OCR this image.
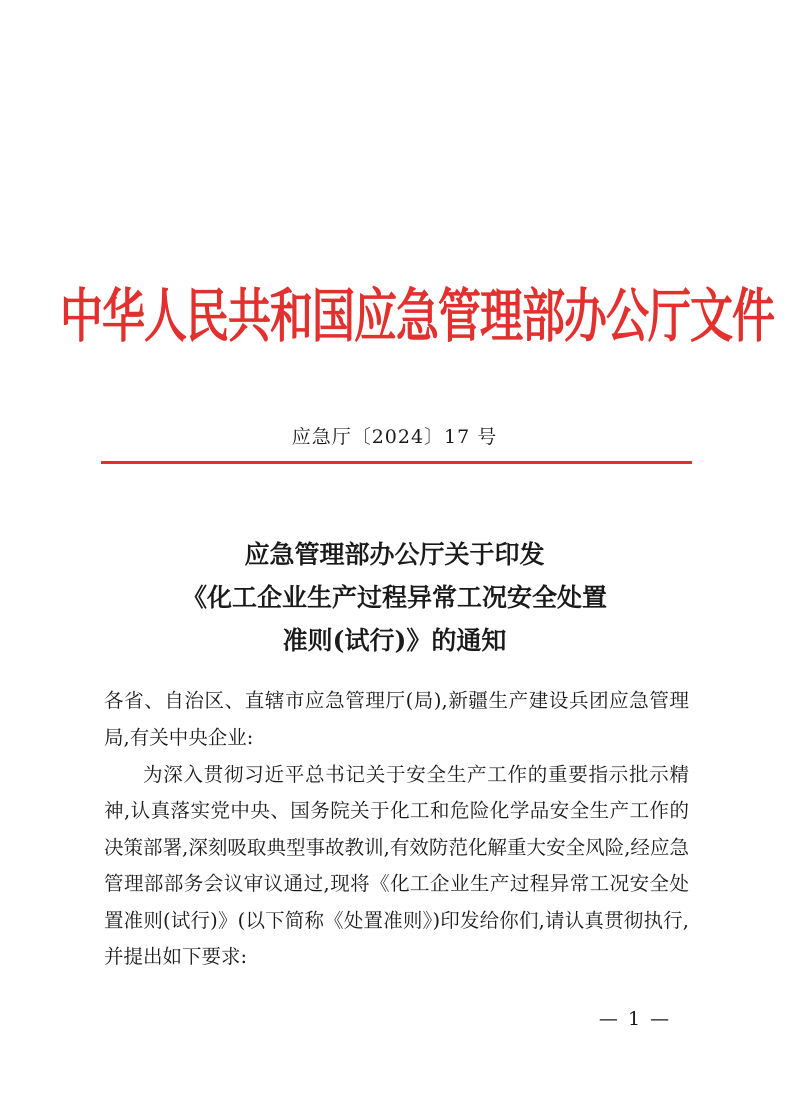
中华人民共和国应急管理部办公厅文件
应急厅〔2024〕17 号
应急管理部办公厅关于印发
《化工企业生产过程异常工况安全处置
准则(试行)》的通知

各省、自治区、直辖市应急管理厅(局),新疆生产建设兵团应急管理局,有关中央企业:

为深入贯彻习近平总书记关于安全生产工作的重要指示批示精神,认真落实党中央、国务院关于化工和危险化学品安全生产工作的决策部署,深刻吸取典型事故教训,有效防范化解重大安全风险,经应急管理部部务会议审议通过,现将《化工企业生产过程异常工况安全处置准则(试行)》(以下简称《处置准则》)印发给你们,请认真贯彻执行,并提出如下要求:

— 1 —
